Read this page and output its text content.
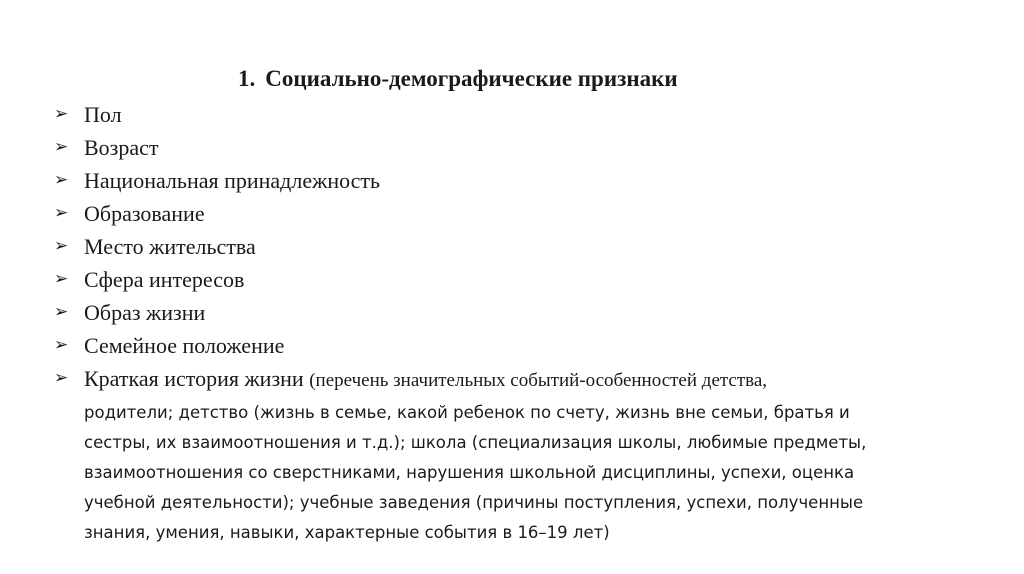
1. Социально-демографические признаки
➢ Пол
➢ Возраст
➢ Национальная принадлежность
➢ Образование
➢ Место жительства
➢ Сфера интересов
➢ Образ жизни
➢ Семейное положение
➢ Краткая история жизни (перечень значительных событий-особенностей детства,
родители; детство (жизнь в семье, какой ребенок по счету, жизнь вне семьи, братья и
сестры, их взаимоотношения и т.д.); школа (специализация школы, любимые предметы,
взаимоотношения со сверстниками, нарушения школьной дисциплины, успехи, оценка
учебной деятельности); учебные заведения (причины поступления, успехи, полученные
знания, умения, навыки, характерные события в 16–19 лет)
